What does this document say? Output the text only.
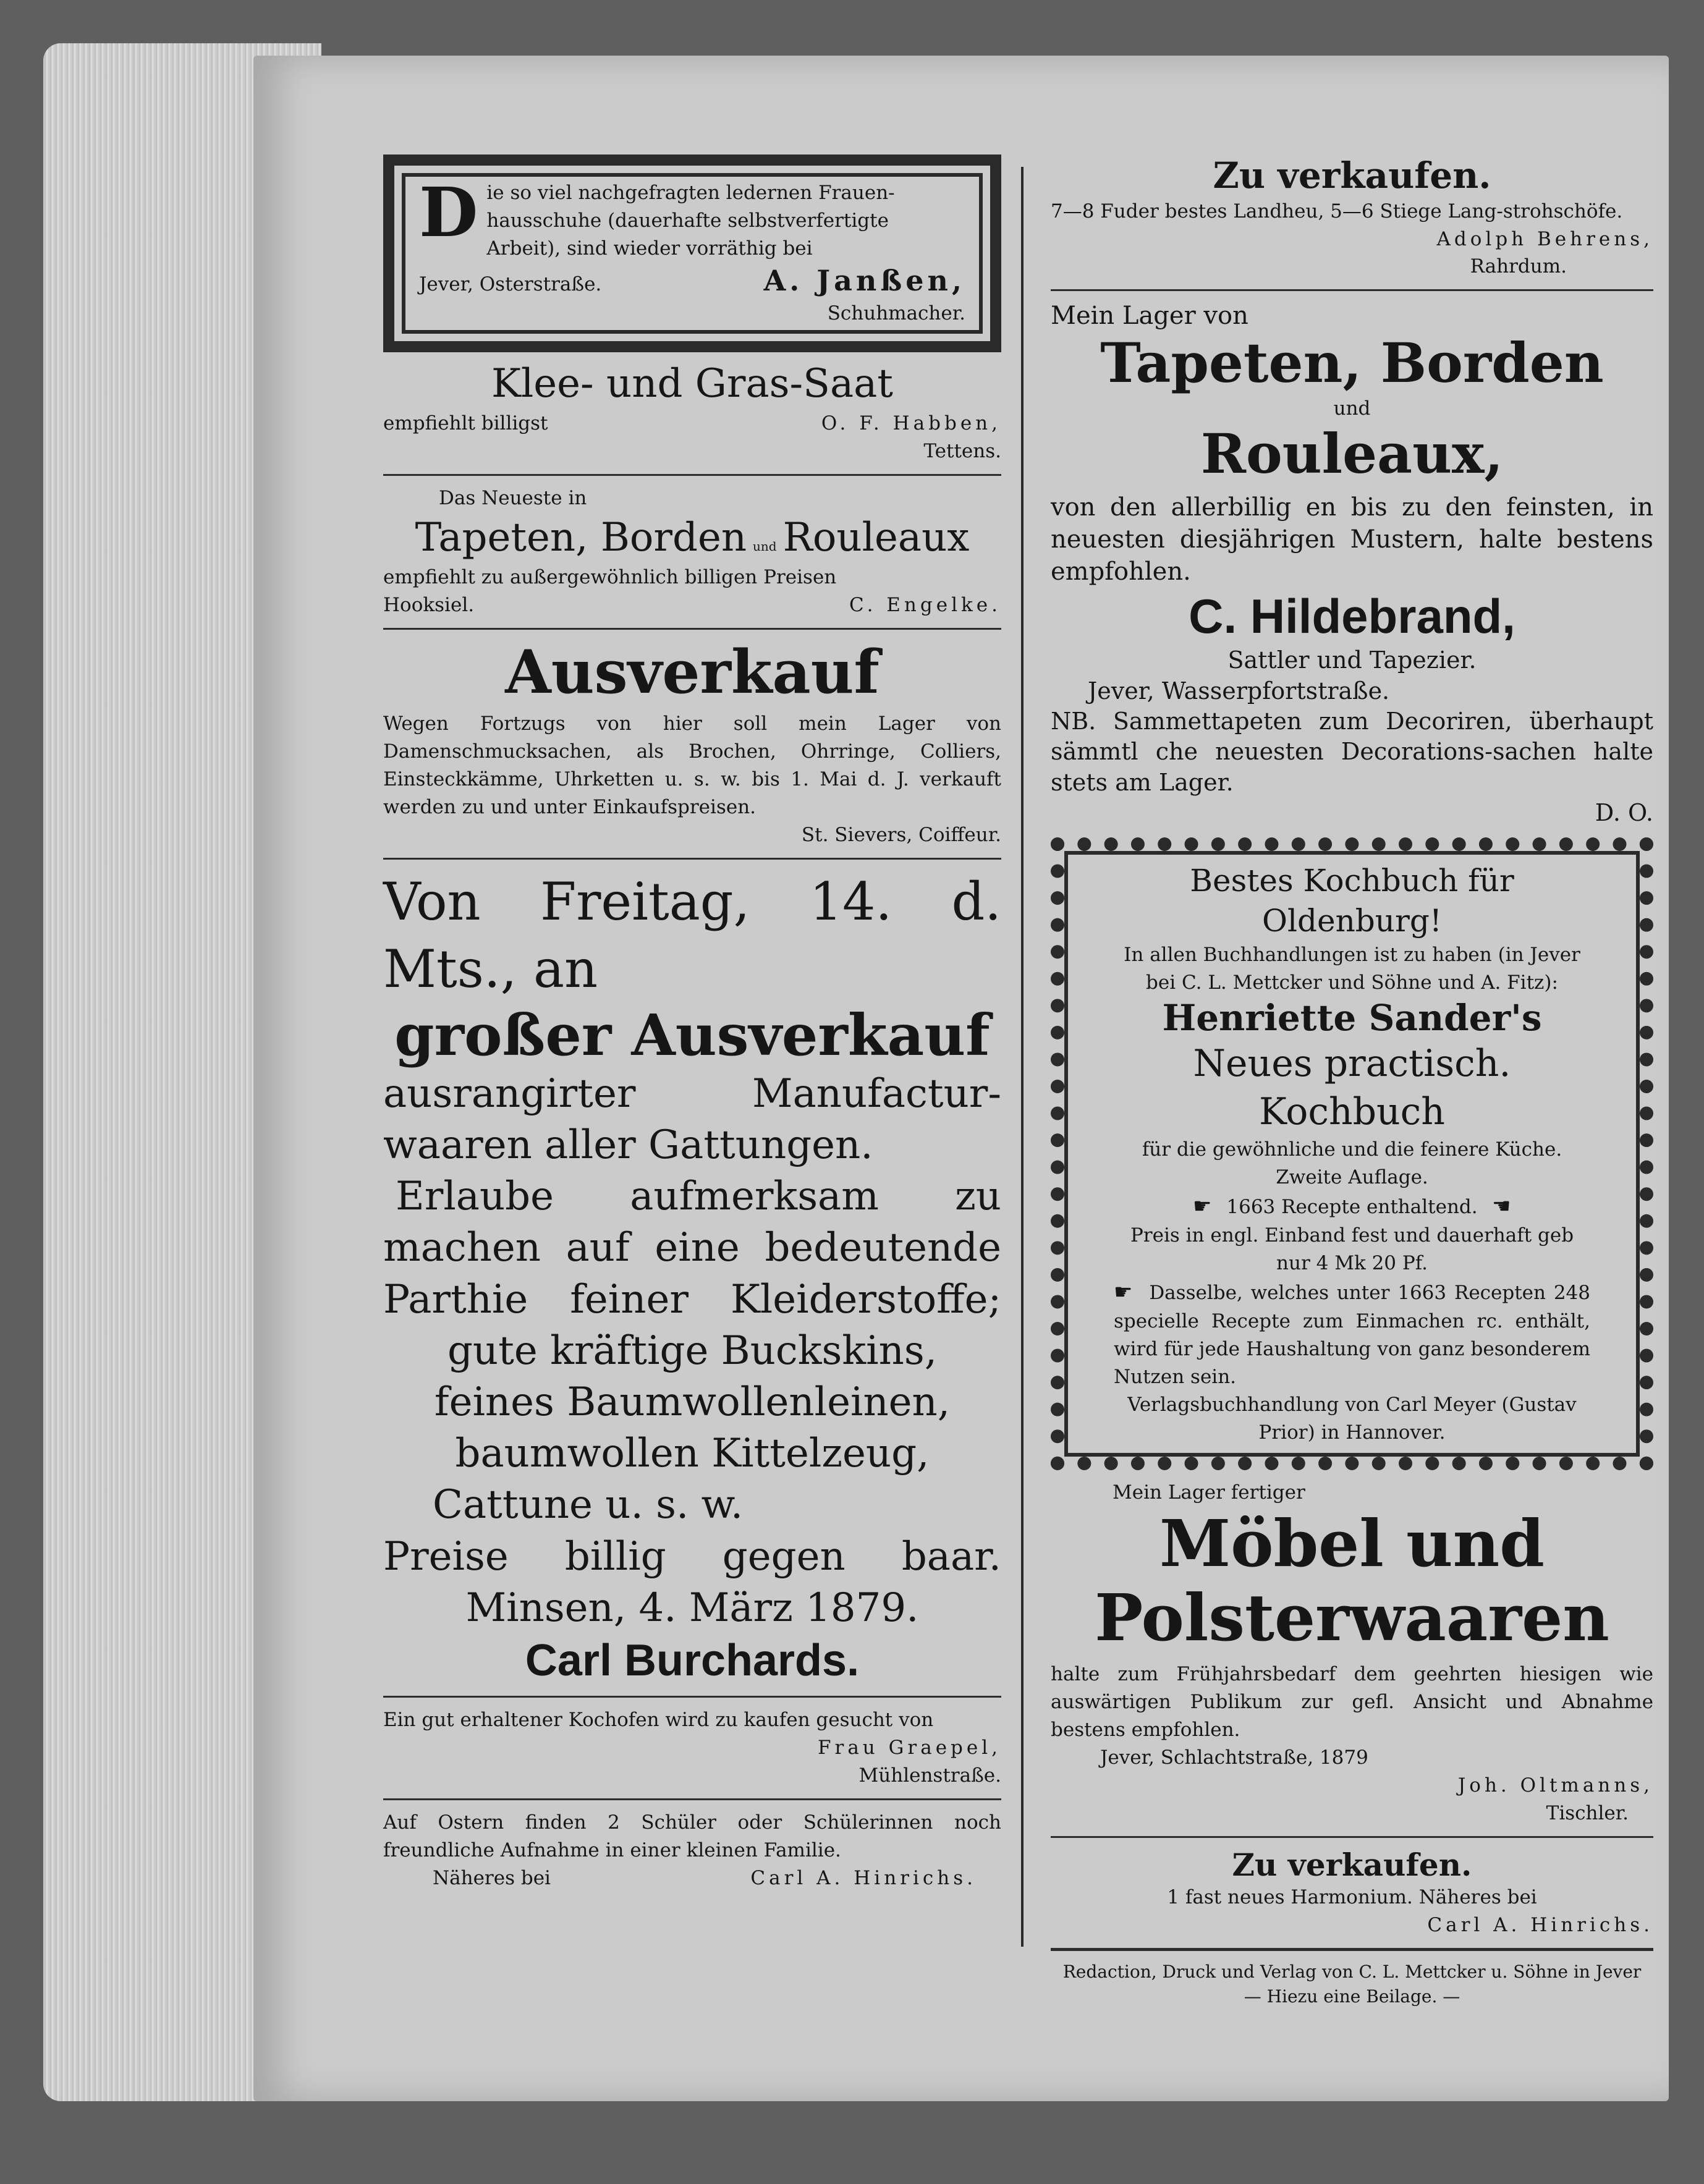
D ie so viel nachgefragten ledernen Frauen-hausschuhe (dauerhafte selbstverfertigte Arbeit), sind wieder vorräthig bei
Jever, Osterstraße.	A. Janßen,
Schuhmacher.
Klee- und Gras-Saat
empfiehlt billigst	O. F. Habben,
Tettens.
Das Neueste in
Tapeten, Borden und Rouleaux
empfiehlt zu außergewöhnlich billigen Preisen
Hooksiel.	C. Engelke.
Ausverkauf
Wegen Fortzugs von hier soll mein Lager von Damenschmucksachen, als Brochen, Ohrringe, Colliers, Einsteckkämme, Uhrketten u. s. w. bis 1. Mai d. J. verkauft werden zu und unter Einkaufspreisen.
St. Sievers, Coiffeur.
Von Freitag, 14. d.
Mts., an
großer Ausverkauf
ausrangirter Manufactur-
waaren aller Gattungen.
Erlaube aufmerksam zu
machen auf eine bedeutende
Parthie feiner Kleiderstoffe;
gute kräftige Buckskins,
feines Baumwollenleinen,
baumwollen Kittelzeug,
Cattune u. s. w.
Preise billig gegen baar.
Minsen, 4. März 1879.
Carl Burchards.
Ein gut erhaltener Kochofen wird zu kaufen gesucht von
Frau Graepel,
Mühlenstraße.
Auf Ostern finden 2 Schüler oder Schülerinnen noch freundliche Aufnahme in einer kleinen Familie.
Näheres bei	Carl A. Hinrichs.
Zu verkaufen.
7—8 Fuder bestes Landheu, 5—6 Stiege Lang-strohschöfe.
Adolph Behrens,
Rahrdum.
Mein Lager von
Tapeten, Borden
und
Rouleaux,
von den allerbillig en bis zu den feinsten, in neuesten diesjährigen Mustern, halte bestens empfohlen.
C. Hildebrand,
Sattler und Tapezier.
Jever, Wasserpfortstraße.
NB. Sammettapeten zum Decoriren, überhaupt sämmtl che neuesten Decorations-sachen halte stets am Lager.
D. O.
Bestes Kochbuch für Oldenburg!
In allen Buchhandlungen ist zu haben (in Jever bei C. L. Mettcker und Söhne und A. Fitz):
Henriette Sander's
Neues practisch. Kochbuch
für die gewöhnliche und die feinere Küche.
Zweite Auflage.
☛ 1663 Recepte enthaltend. ☛
Preis in engl. Einband fest und dauerhaft geb nur 4 Mk 20 Pf.
☛ Dasselbe, welches unter 1663 Recepten 248 specielle Recepte zum Einmachen rc. enthält, wird für jede Haushaltung von ganz besonderem Nutzen sein.
Verlagsbuchhandlung von Carl Meyer (Gustav Prior) in Hannover.
Mein Lager fertiger
Möbel und
Polsterwaaren
halte zum Frühjahrsbedarf dem geehrten hiesigen wie auswärtigen Publikum zur gefl. Ansicht und Abnahme bestens empfohlen.
Jever, Schlachtstraße, 1879
Joh. Oltmanns,
Tischler.
Zu verkaufen.
1 fast neues Harmonium. Näheres bei
Carl A. Hinrichs.
Redaction, Druck und Verlag von C. L. Mettcker u. Söhne in Jever
— Hiezu eine Beilage. —
